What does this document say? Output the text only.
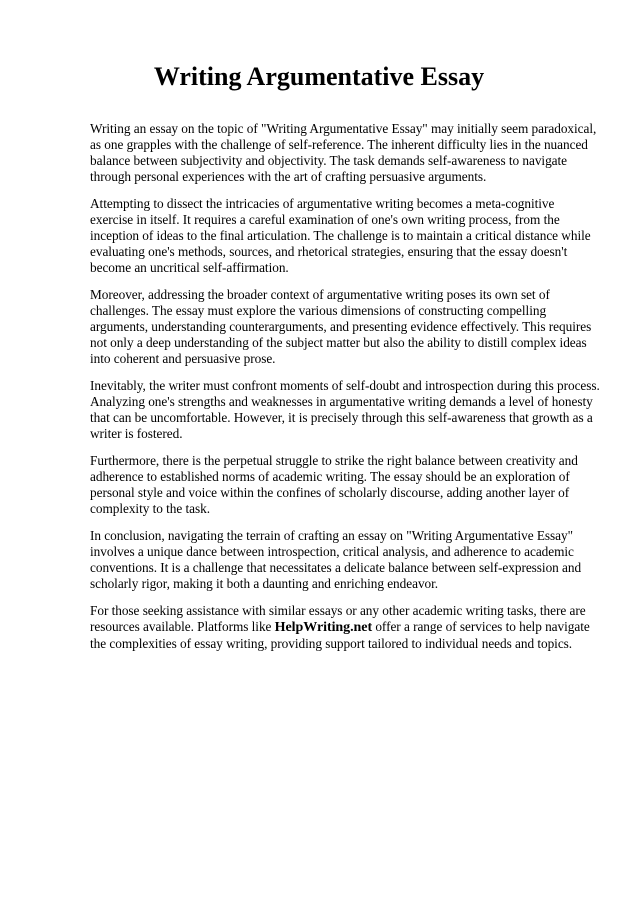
Writing Argumentative Essay

Writing an essay on the topic of "Writing Argumentative Essay" may initially seem paradoxical, as one grapples with the challenge of self-reference. The inherent difficulty lies in the nuanced balance between subjectivity and objectivity. The task demands self-awareness to navigate through personal experiences with the art of crafting persuasive arguments.

Attempting to dissect the intricacies of argumentative writing becomes a meta-cognitive exercise in itself. It requires a careful examination of one's own writing process, from the inception of ideas to the final articulation. The challenge is to maintain a critical distance while evaluating one's methods, sources, and rhetorical strategies, ensuring that the essay doesn't become an uncritical self-affirmation.

Moreover, addressing the broader context of argumentative writing poses its own set of challenges. The essay must explore the various dimensions of constructing compelling arguments, understanding counterarguments, and presenting evidence effectively. This requires not only a deep understanding of the subject matter but also the ability to distill complex ideas into coherent and persuasive prose.

Inevitably, the writer must confront moments of self-doubt and introspection during this process. Analyzing one's strengths and weaknesses in argumentative writing demands a level of honesty that can be uncomfortable. However, it is precisely through this self-awareness that growth as a writer is fostered.

Furthermore, there is the perpetual struggle to strike the right balance between creativity and adherence to established norms of academic writing. The essay should be an exploration of personal style and voice within the confines of scholarly discourse, adding another layer of complexity to the task.

In conclusion, navigating the terrain of crafting an essay on "Writing Argumentative Essay" involves a unique dance between introspection, critical analysis, and adherence to academic conventions. It is a challenge that necessitates a delicate balance between self-expression and scholarly rigor, making it both a daunting and enriching endeavor.

For those seeking assistance with similar essays or any other academic writing tasks, there are resources available. Platforms like HelpWriting.net offer a range of services to help navigate the complexities of essay writing, providing support tailored to individual needs and topics.
